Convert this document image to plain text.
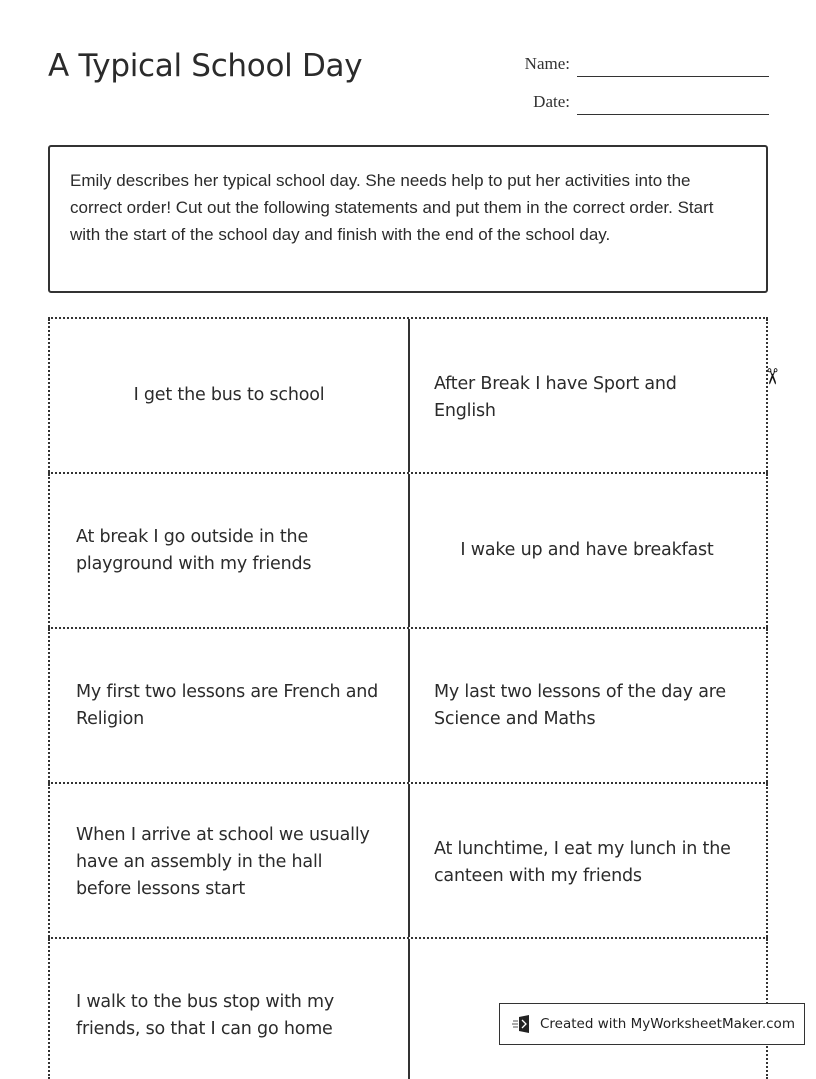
A Typical School Day	Name:
Date:
Emily describes her typical school day. She needs help to put her activities into the correct order! Cut out the following statements and put them in the correct order. Start with the start of the school day and finish with the end of the school day.
I get the bus to school
After Break I have Sport and English
At break I go outside in the playground with my friends
I wake up and have breakfast
My first two lessons are French and Religion
My last two lessons of the day are Science and Maths
When I arrive at school we usually have an assembly in the hall before lessons start
At lunchtime, I eat my lunch in the canteen with my friends
I walk to the bus stop with my friends, so that I can go home
✂
Created with MyWorksheetMaker.com
